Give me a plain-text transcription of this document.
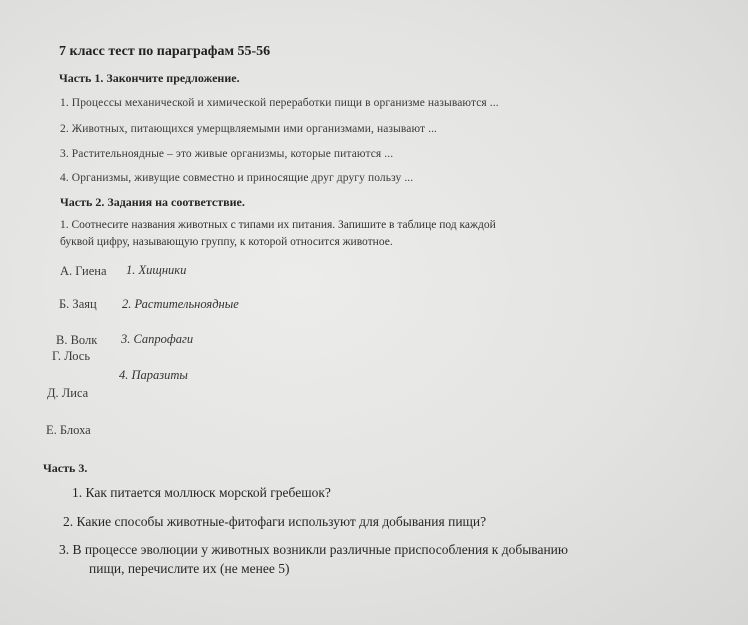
7 класс тест по параграфам 55-56
Часть 1. Закончите предложение.
1. Процессы механической и химической переработки пищи в организме называются ...
2. Животных, питающихся умерщвляемыми ими организмами, называют ...
3. Растительноядные – это живые организмы, которые питаются ...
4. Организмы, живущие совместно и приносящие друг другу пользу ...
Часть 2. Задания на соответствие.
1. Соотнесите названия животных с типами их питания. Запишите в таблице под каждой
буквой цифру, называющую группу, к которой относится животное.
А. Гиена 1. Хищники
Б. Заяц 2. Растительноядные
В. Волк 3. Сапрофаги
Г. Лось
4. Паразиты
Д. Лиса
Е. Блоха
Часть 3.
1. Как питается моллюск морской гребешок?
2. Какие способы животные-фитофаги используют для добывания пищи?
3. В процессе эволюции у животных возникли различные приспособления к добыванию
пищи, перечислите их (не менее 5)
